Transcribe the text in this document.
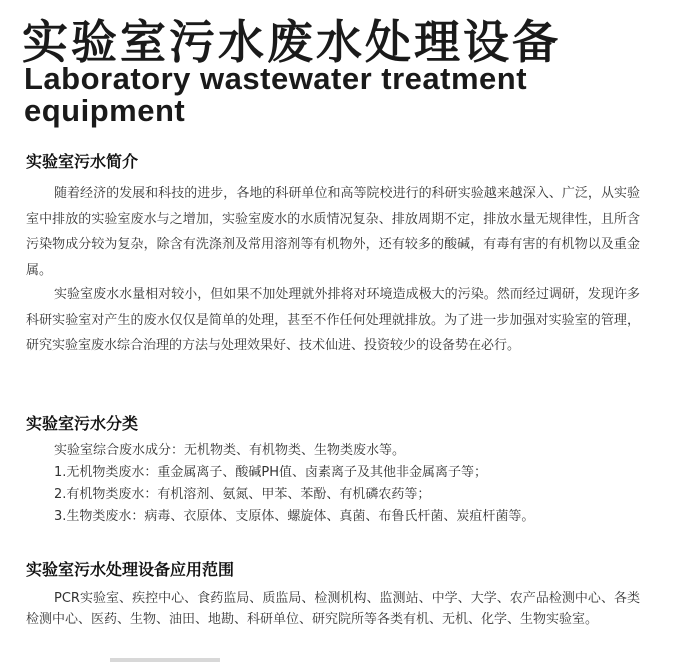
实验室污水废水处理设备
Laboratory wastewater treatment
equipment
实验室污水简介

随着经济的发展和科技的进步，各地的科研单位和高等院校进行的科研实验越来越深入、广泛，从实验室中排放的实验室废水与之增加，实验室废水的水质情况复杂、排放周期不定，排放水量无规律性，且所含污染物成分较为复杂，除含有洗涤剂及常用溶剂等有机物外，还有较多的酸碱，有毒有害的有机物以及重金属。

实验室废水水量相对较小，但如果不加处理就外排将对环境造成极大的污染。然而经过调研，发现许多科研实验室对产生的废水仅仅是简单的处理，甚至不作任何处理就排放。为了进一步加强对实验室的管理，研究实验室废水综合治理的方法与处理效果好、技术仙进、投资较少的设备势在必行。

实验室污水分类
实验室综合废水成分：无机物类、有机物类、生物类废水等。
1.无机物类废水：重金属离子、酸碱PH值、卤素离子及其他非金属离子等；
2.有机物类废水：有机溶剂、氨氮、甲苯、苯酚、有机磷农药等；
3.生物类废水：病毒、衣原体、支原体、螺旋体、真菌、布鲁氏杆菌、炭疽杆菌等。
实验室污水处理设备应用范围

PCR实验室、疾控中心、食药监局、质监局、检测机构、监测站、中学、大学、农产品检测中心、各类检测中心、医药、生物、油田、地勘、科研单位、研究院所等各类有机、无机、化学、生物实验室。
